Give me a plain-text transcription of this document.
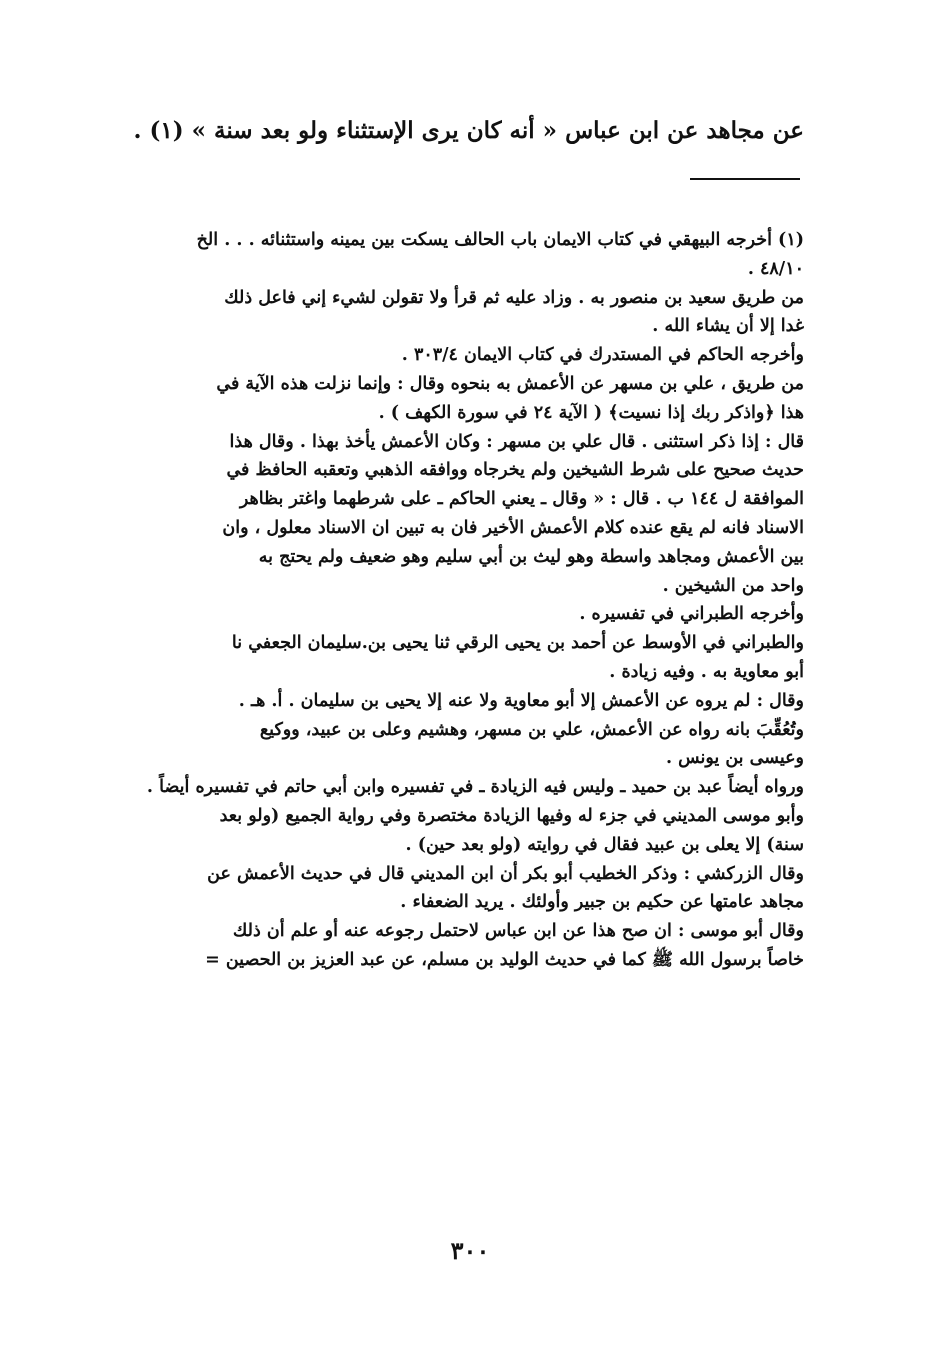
عن مجاهد عن ابن عباس « أنه كان يرى الإستثناء ولو بعد سنة » (١) .
(١) أخرجه البيهقي في كتاب الايمان باب الحالف يسكت بين يمينه واستثنائه . . . الخ
٤٨/١٠ .
من طريق سعيد بن منصور به . وزاد عليه ثم قرأ ولا تقولن لشيء إني فاعل ذلك
غدا إلا أن يشاء الله .
وأخرجه الحاكم في المستدرك في كتاب الايمان ٣٠٣/٤ .
من طريق ، علي بن مسهر عن الأعمش به بنحوه وقال : وإنما نزلت هذه الآية في
هذا ﴿واذكر ربك إذا نسيت﴾ ( الآية ٢٤ في سورة الكهف ) .
قال : إذا ذكر استثنى . قال علي بن مسهر : وكان الأعمش يأخذ بهذا . وقال هذا
حديث صحيح على شرط الشيخين ولم يخرجاه ووافقه الذهبي وتعقبه الحافظ في
الموافقة ل ١٤٤ ب . قال : « وقال ـ يعني الحاكم ـ على شرطهما واغتر بظاهر
الاسناد فانه لم يقع عنده كلام الأعمش الأخير فان به تبين ان الاسناد معلول ، وان
بين الأعمش ومجاهد واسطة وهو ليث بن أبي سليم وهو ضعيف ولم يحتج به
واحد من الشيخين .
وأخرجه الطبراني في تفسيره .
والطبراني في الأوسط عن أحمد بن يحيى الرقي ثنا يحيى بن.سليمان الجعفي نا
أبو معاوية به . وفيه زيادة .
وقال : لم يروه عن الأعمش إلا أبو معاوية ولا عنه إلا يحيى بن سليمان . أ. هـ .
وتُعُقِّبَ بانه رواه عن الأعمش، علي بن مسهر، وهشيم وعلى بن عبيد، ووكيع
وعيسى بن يونس .
ورواه أيضاً عبد بن حميد ـ وليس فيه الزيادة ـ في تفسيره وابن أبي حاتم في تفسيره أيضاً .
وأبو موسى المديني في جزء له وفيها الزيادة مختصرة وفي رواية الجميع (ولو بعد
سنة) إلا يعلى بن عبيد فقال في روايته (ولو بعد حين) .
وقال الزركشي : وذكر الخطيب أبو بكر أن ابن المديني قال في حديث الأعمش عن
مجاهد عامتها عن حكيم بن جبير وأولئك . يريد الضعفاء .
وقال أبو موسى : ان صح هذا عن ابن عباس لاحتمل رجوعه عنه أو علم أن ذلك
خاصاً برسول الله ﷺ كما في حديث الوليد بن مسلم، عن عبد العزيز بن الحصين =
٣٠٠
